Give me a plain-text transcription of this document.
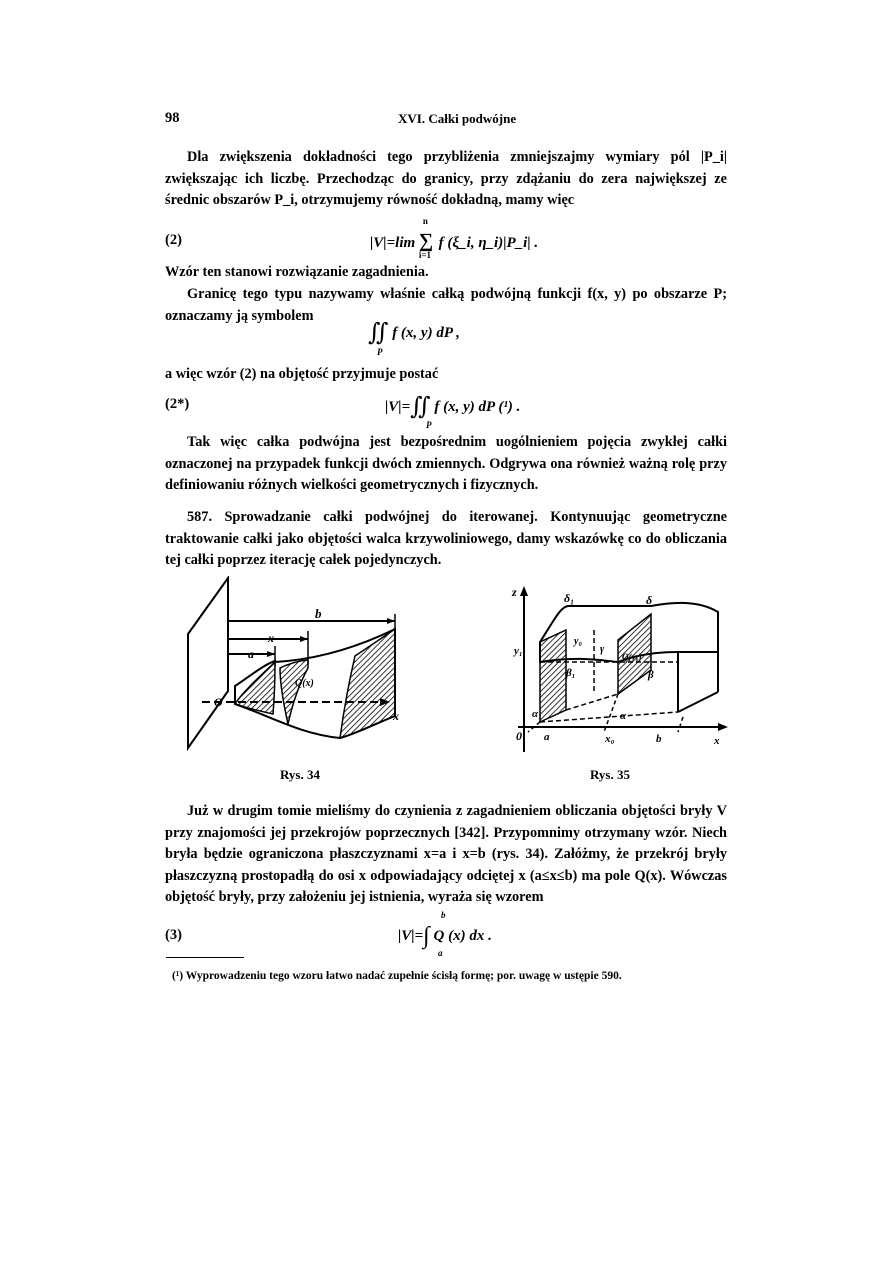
98	XVI. Całki podwójne
Dla zwiększenia dokładności tego przybliżenia zmniejszajmy wymiary pól |P_i| zwiększając ich liczbę. Przechodząc do granicy, przy zdążaniu do zera największej ze średnic obszarów P_i, otrzymujemy równość dokładną, mamy więc
(2)	|V|=lim
n
∑
i=1
f (ξ_i, η_i)|P_i| .
Wzór ten stanowi rozwiązanie zagadnienia.
Granicę tego typu nazywamy właśnie całką podwójną funkcji f(x, y) po obszarze P; oznaczamy ją symbolem
∬ f (x, y) dP ,
P
a więc wzór (2) na objętość przyjmuje postać
(2*)	|V|=∬ f (x, y) dP (¹) .
P
Tak więc całka podwójna jest bezpośrednim uogólnieniem pojęcia zwykłej całki oznaczonej na przypadek funkcji dwóch zmiennych. Odgrywa ona również ważną rolę przy definiowaniu różnych wielkości geometrycznych i fizycznych.
587. Sprowadzanie całki podwójnej do iterowanej. Kontynuując geometryczne traktowanie całki jako objętości walca krzywoliniowego, damy wskazówkę co do obliczania tej całki poprzez iterację całek pojedynczych.
b
x
a
Q(x)
O
x
Rys. 34
z	δ₁	δ
y₀
γ
y₁	Q(y₀)
β₁	β
α₁	α
0 a	x₀	b	x
Rys. 35
Już w drugim tomie mieliśmy do czynienia z zagadnieniem obliczania objętości bryły V przy znajomości jej przekrojów poprzecznych [342]. Przypomnimy otrzymany wzór. Niech bryła będzie ograniczona płaszczyznami x=a i x=b (rys. 34). Załóżmy, że przekrój bryły płaszczyzną prostopadłą do osi x odpowiadający odciętej x (a≤x≤b) ma pole Q(x). Wówczas objętość bryły, przy założeniu jej istnienia, wyraża się wzorem
(3)	|V|=∫ Q (x) dx .
b
a
(¹) Wyprowadzeniu tego wzoru łatwo nadać zupełnie ścisłą formę; por. uwagę w ustępie 590.
